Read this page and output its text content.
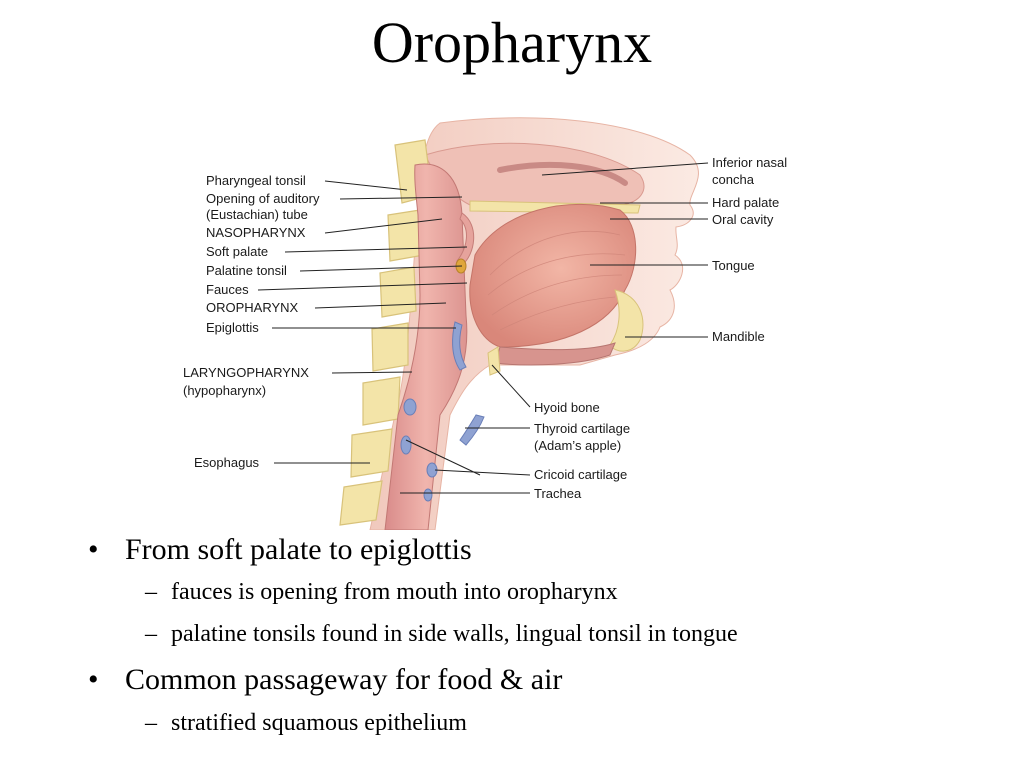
Oropharynx
Pharyngeal tonsil
Opening of auditory
(Eustachian) tube
NASOPHARYNX
Soft palate
Palatine tonsil
Fauces
OROPHARYNX
Epiglottis
LARYNGOPHARYNX
(hypopharynx)
Esophagus
Inferior nasal
concha
Hard palate
Oral cavity
Tongue
Mandible
Hyoid bone
Thyroid cartilage
(Adam’s apple)
Cricoid cartilage
Trachea
• From soft palate to epiglottis
– fauces is opening from mouth into oropharynx
– palatine tonsils found in side walls, lingual tonsil in tongue
• Common passageway for food & air
– stratified squamous epithelium
